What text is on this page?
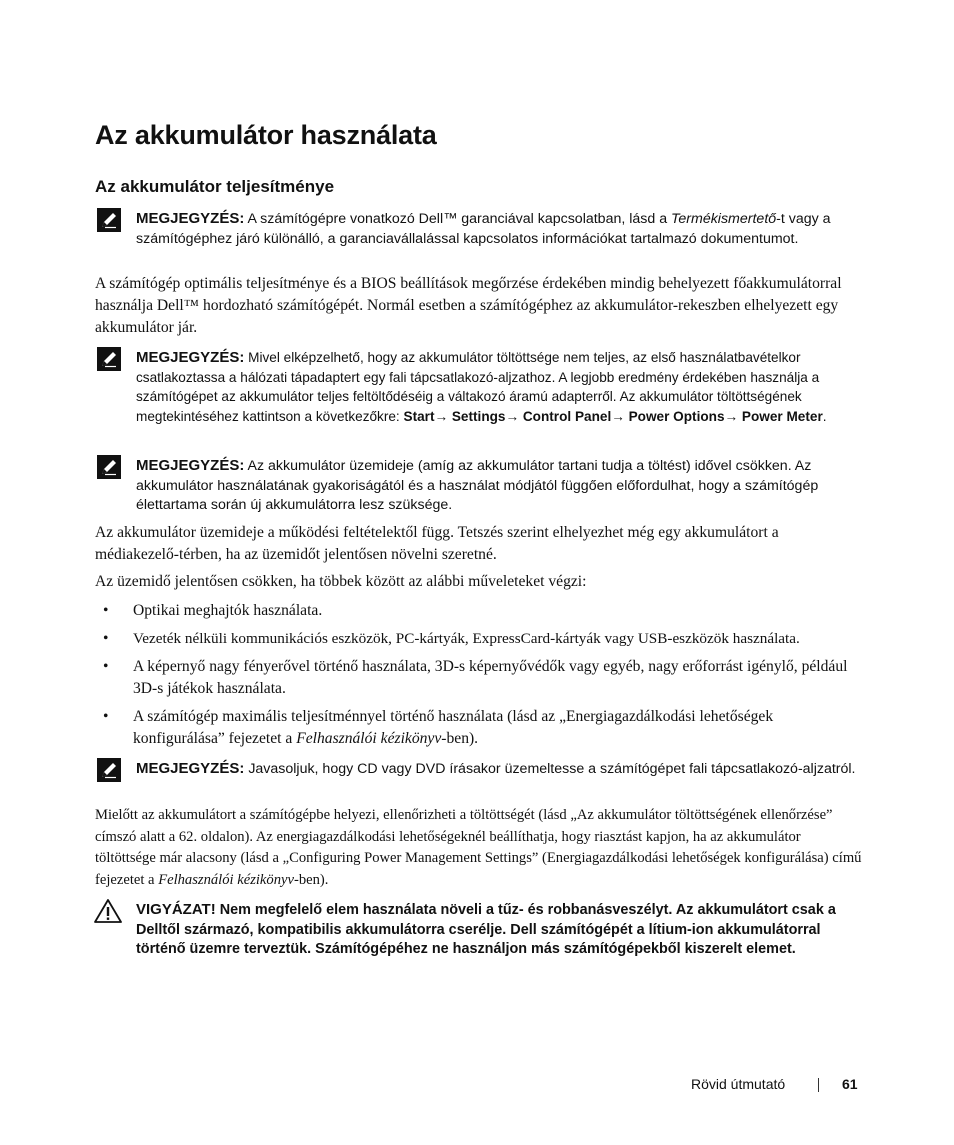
Az akkumulátor használata
Az akkumulátor teljesítménye
MEGJEGYZÉS: A számítógépre vonatkozó Dell™ garanciával kapcsolatban, lásd a Termékismertető-t vagy a számítógéphez járó különálló, a garanciavállalással kapcsolatos információkat tartalmazó dokumentumot.
A számítógép optimális teljesítménye és a BIOS beállítások megőrzése érdekében mindig behelyezett főakkumulátorral használja Dell™ hordozható számítógépét. Normál esetben a számítógéphez az akkumulátor-rekeszben elhelyezett egy akkumulátor jár.
MEGJEGYZÉS: Mivel elképzelhető, hogy az akkumulátor töltöttsége nem teljes, az első használatbavételkor csatlakoztassa a hálózati tápadaptert egy fali tápcsatlakozó-aljzathoz. A legjobb eredmény érdekében használja a számítógépet az akkumulátor teljes feltöltődéséig a váltakozó áramú adapterről. Az akkumulátor töltöttségének megtekintéséhez kattintson a következőkre: Start→ Settings→ Control Panel→ Power Options→ Power Meter.
MEGJEGYZÉS: Az akkumulátor üzemideje (amíg az akkumulátor tartani tudja a töltést) idővel csökken. Az akkumulátor használatának gyakoriságától és a használat módjától függően előfordulhat, hogy a számítógép élettartama során új akkumulátorra lesz szüksége.
Az akkumulátor üzemideje a működési feltételektől függ. Tetszés szerint elhelyezhet még egy akkumulátort a médiakezelő-térben, ha az üzemidőt jelentősen növelni szeretné.
Az üzemidő jelentősen csökken, ha többek között az alábbi műveleteket végzi:
• Optikai meghajtók használata.
• Vezeték nélküli kommunikációs eszközök, PC-kártyák, ExpressCard-kártyák vagy USB-eszközök használata.
• A képernyő nagy fényerővel történő használata, 3D-s képernyővédők vagy egyéb, nagy erőforrást igénylő, például 3D-s játékok használata.
• A számítógép maximális teljesítménnyel történő használata (lásd az „Energiagazdálkodási lehetőségek konfigurálása” fejezetet a Felhasználói kézikönyv-ben).
MEGJEGYZÉS: Javasoljuk, hogy CD vagy DVD írásakor üzemeltesse a számítógépet fali tápcsatlakozó-aljzatról.
Mielőtt az akkumulátort a számítógépbe helyezi, ellenőrizheti a töltöttségét (lásd „Az akkumulátor töltöttségének ellenőrzése” címszó alatt a 62. oldalon). Az energiagazdálkodási lehetőségeknél beállíthatja, hogy riasztást kapjon, ha az akkumulátor töltöttsége már alacsony (lásd a „Configuring Power Management Settings” (Energiagazdálkodási lehetőségek konfigurálása) című fejezetet a Felhasználói kézikönyv-ben).
VIGYÁZAT! Nem megfelelő elem használata növeli a tűz- és robbanásveszélyt. Az akkumulátort csak a Delltől származó, kompatibilis akkumulátorra cserélje. Dell számítógépét a lítium-ion akkumulátorral történő üzemre terveztük. Számítógépéhez ne használjon más számítógépekből kiszerelt elemet.
Rövid útmutató	61
